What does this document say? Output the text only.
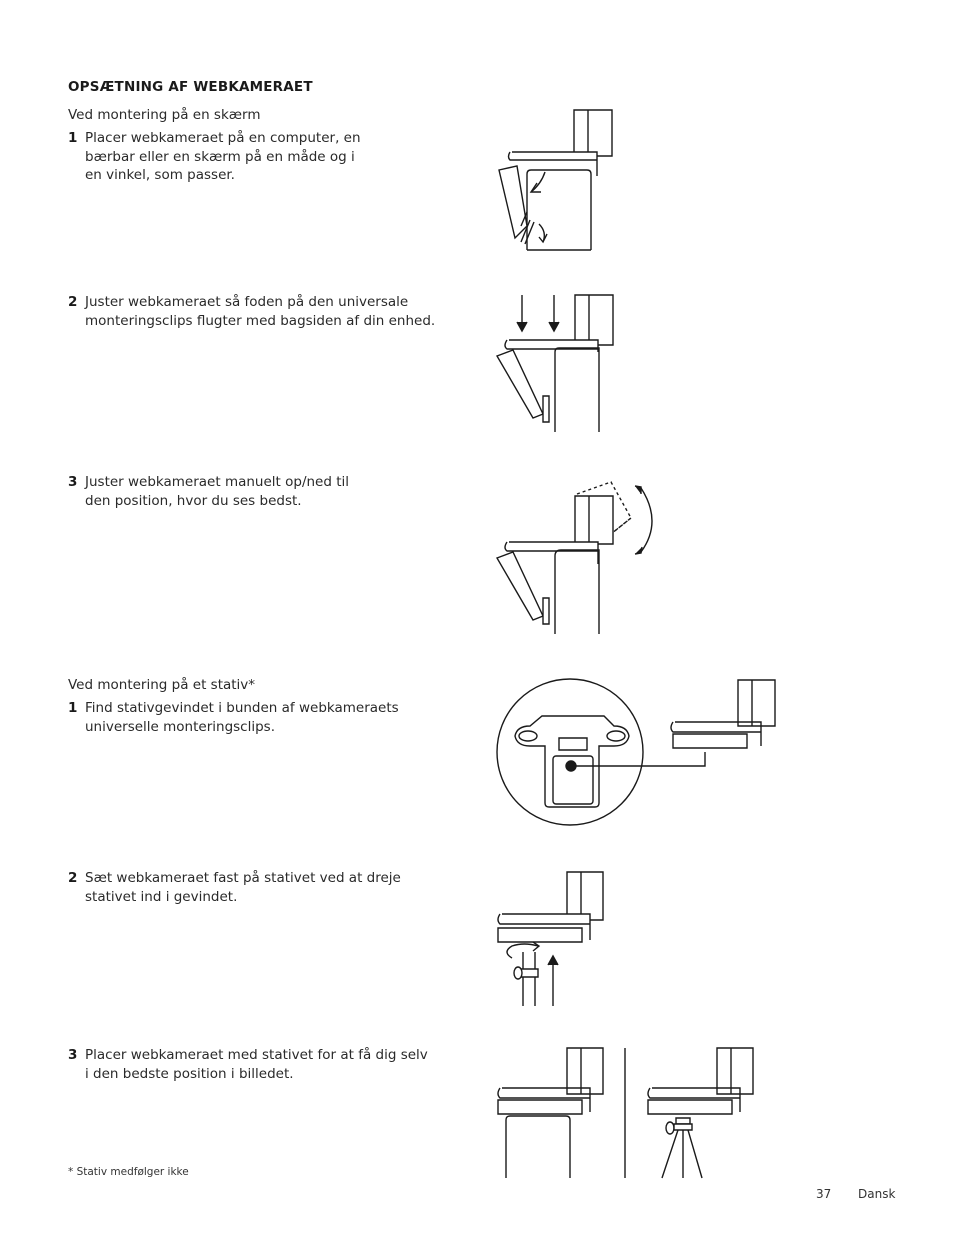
OPSÆTNING AF WEBKAMERAET
Ved montering på en skærm
1 Placer webkameraet på en computer, en bærbar eller en skærm på en måde og i en vinkel, som passer.
2 Juster webkameraet så foden på den universale monteringsclips flugter med bagsiden af din enhed.
3 Juster webkameraet manuelt op/ned til den position, hvor du ses bedst.
Ved montering på et stativ*
1 Find stativgevindet i bunden af webkameraets universelle monteringsclips.
2 Sæt webkameraet fast på stativet ved at dreje stativet ind i gevindet.
3 Placer webkameraet med stativet for at få dig selv i den bedste position i billedet.
* Stativ medfølger ikke
37 Dansk
